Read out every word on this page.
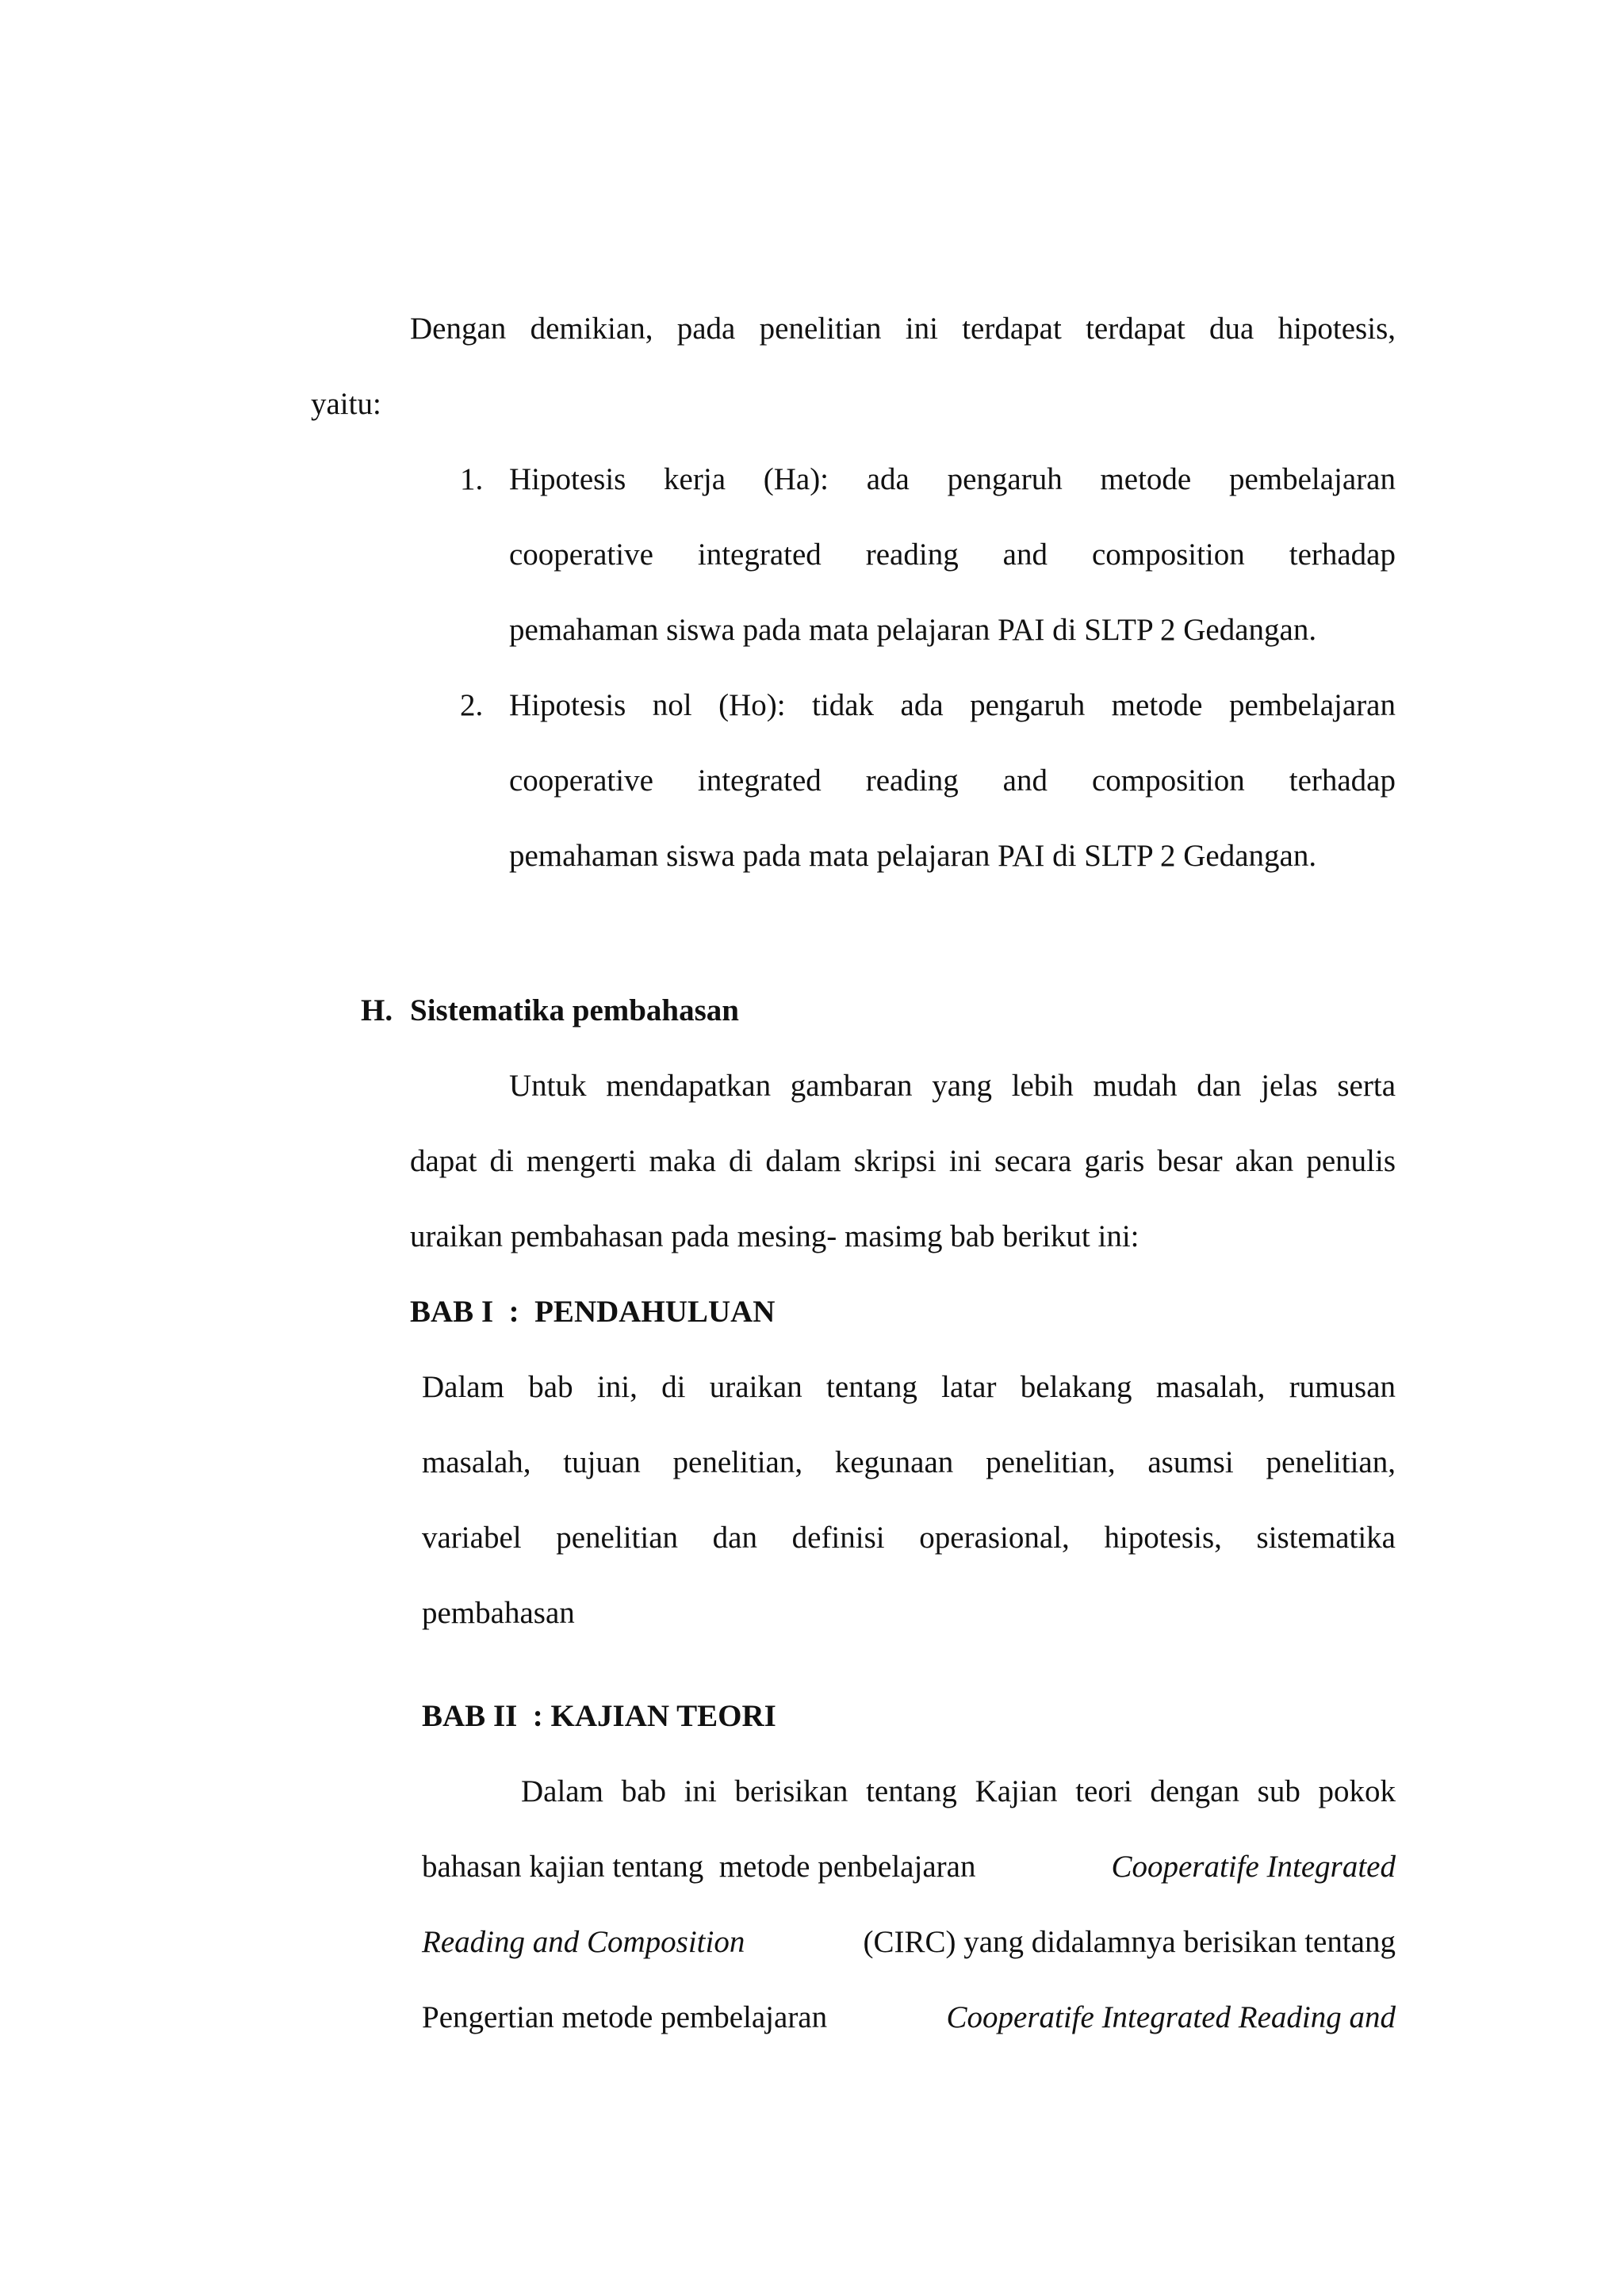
Dengan demikian, pada penelitian ini terdapat terdapat dua hipotesis,
yaitu:
1. Hipotesis kerja (Ha): ada pengaruh metode pembelajaran
cooperative integrated reading and composition terhadap
pemahaman siswa pada mata pelajaran PAI di SLTP 2 Gedangan.
2. Hipotesis nol (Ho): tidak ada pengaruh metode pembelajaran
cooperative integrated reading and composition terhadap
pemahaman siswa pada mata pelajaran PAI di SLTP 2 Gedangan.
H. Sistematika pembahasan
Untuk mendapatkan gambaran yang lebih mudah dan jelas serta
dapat di mengerti maka di dalam skripsi ini secara garis besar akan penulis
uraikan pembahasan pada mesing- masimg bab berikut ini:
BAB I  :  PENDAHULUAN
Dalam bab ini, di uraikan tentang latar belakang masalah, rumusan
masalah, tujuan penelitian, kegunaan penelitian, asumsi penelitian,
variabel penelitian dan definisi operasional, hipotesis, sistematika
pembahasan
BAB II  : KAJIAN TEORI
Dalam bab ini berisikan tentang Kajian teori dengan sub pokok
bahasan kajian tentang  metode penbelajaran	Cooperatife Integrated
Reading and Composition	(CIRC) yang didalamnya berisikan tentang
Pengertian metode pembelajaran	Cooperatife Integrated Reading and
